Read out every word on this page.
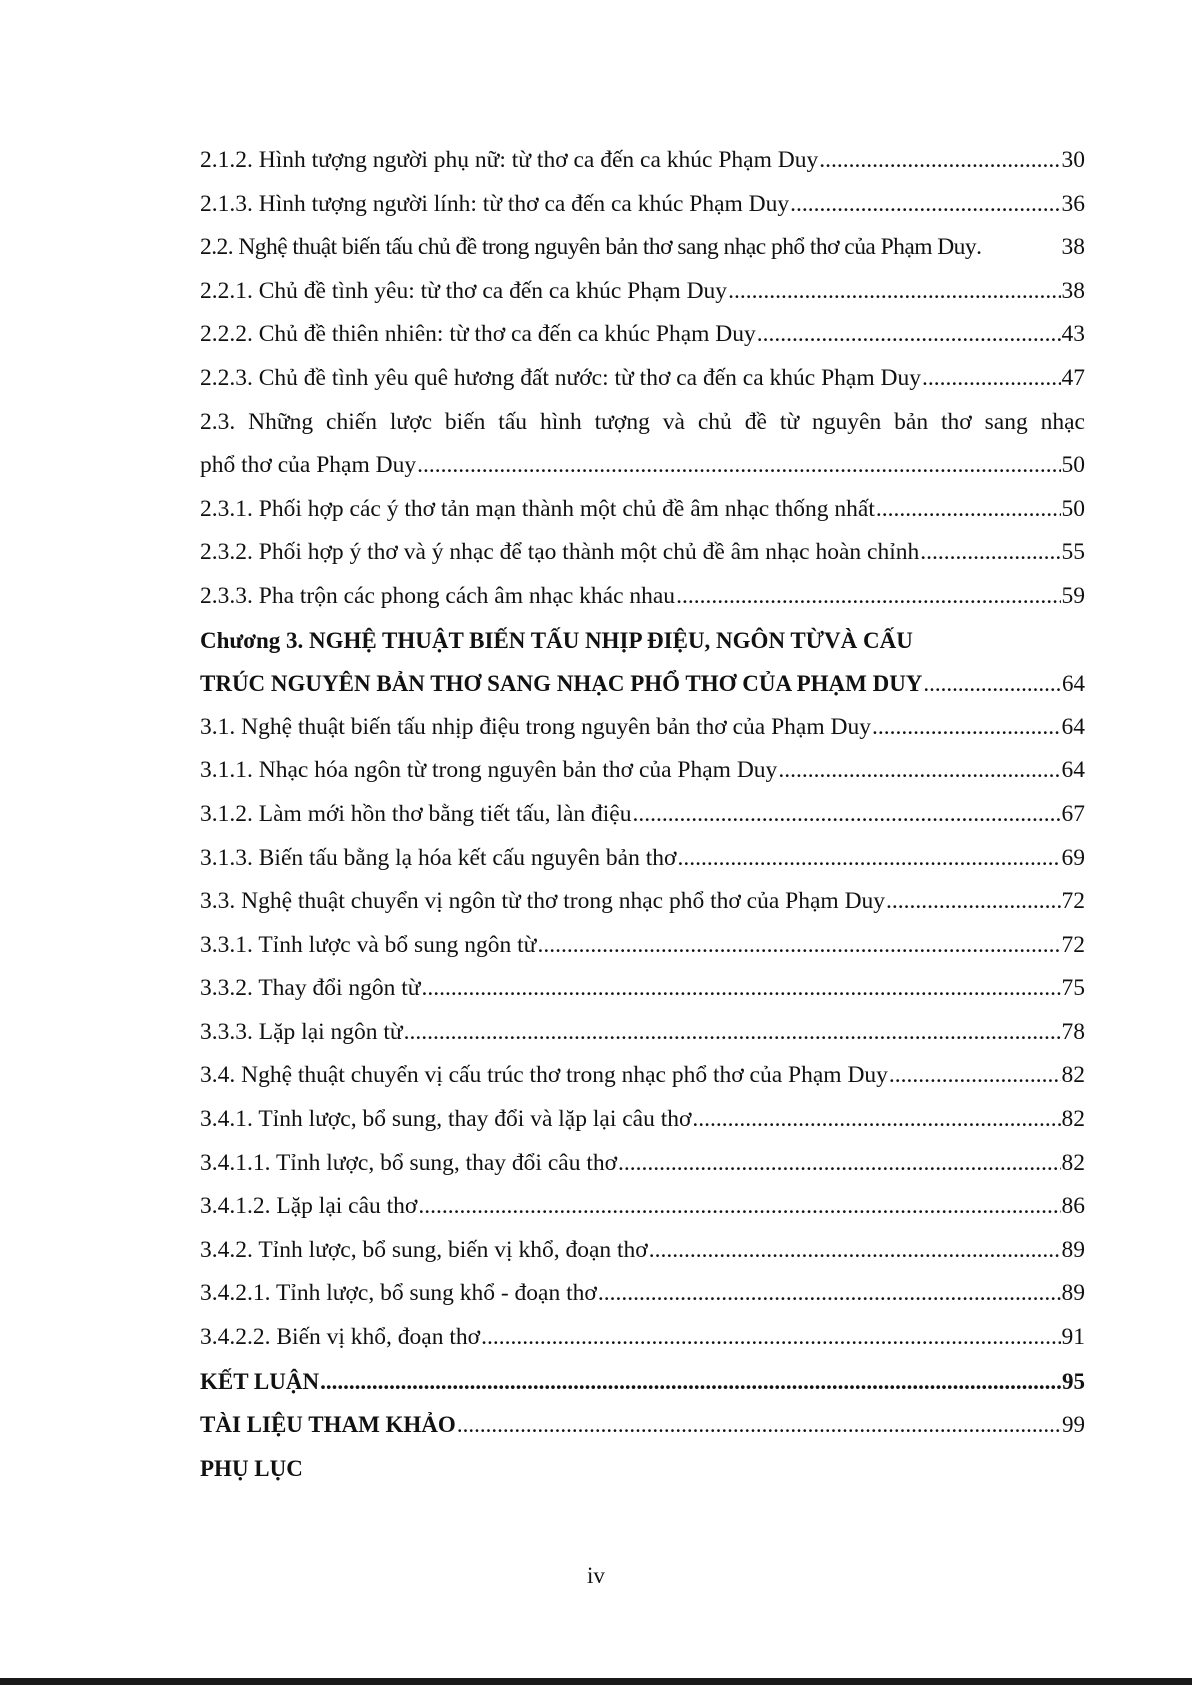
2.1.2. Hình tượng người phụ nữ: từ thơ ca đến ca khúc Phạm Duy .....	30
2.1.3. Hình tượng người lính: từ thơ ca đến ca khúc Phạm Duy .....	36
2.2. Nghệ thuật biến tấu chủ đề trong nguyên bản thơ sang nhạc phổ thơ của Phạm Duy .	38
2.2.1. Chủ đề tình yêu: từ thơ ca đến ca khúc Phạm Duy .....	38
2.2.2. Chủ đề thiên nhiên: từ thơ ca đến ca khúc Phạm Duy .....	43
2.2.3. Chủ đề tình yêu quê hương đất nước: từ thơ ca đến ca khúc Phạm Duy .....	47
2.3. Những chiến lược biến tấu hình tượng và chủ đề từ nguyên bản thơ sang nhạc
phổ thơ của Phạm Duy .....	50
2.3.1. Phối hợp các ý thơ tản mạn thành một chủ đề âm nhạc thống nhất .....	50
2.3.2. Phối hợp ý thơ và ý nhạc để tạo thành một chủ đề âm nhạc hoàn chỉnh .....	55
2.3.3. Pha trộn các phong cách âm nhạc khác nhau .....	59
Chương 3. NGHỆ THUẬT BIẾN TẤU NHỊP ĐIỆU, NGÔN TỪVÀ CẤU
TRÚC NGUYÊN BẢN THƠ SANG NHẠC PHỔ THƠ CỦA PHẠM DUY .....	64
3.1. Nghệ thuật biến tấu nhịp điệu trong nguyên bản thơ của Phạm Duy .....	64
3.1.1. Nhạc hóa ngôn từ trong nguyên bản thơ của Phạm Duy .....	64
3.1.2. Làm mới hồn thơ bằng tiết tấu, làn điệu .....	67
3.1.3. Biến tấu bằng lạ hóa kết cấu nguyên bản thơ .....	69
3.3. Nghệ thuật chuyển vị ngôn từ thơ trong nhạc phổ thơ của Phạm Duy .....	72
3.3.1. Tỉnh lược và bổ sung ngôn từ .....	72
3.3.2. Thay đổi ngôn từ .....	75
3.3.3. Lặp lại ngôn từ .....	78
3.4. Nghệ thuật chuyển vị cấu trúc thơ trong nhạc phổ thơ của Phạm Duy .....	82
3.4.1. Tỉnh lược, bổ sung, thay đổi và lặp lại câu thơ .....	82
3.4.1.1. Tỉnh lược, bổ sung, thay đổi câu thơ .....	82
3.4.1.2. Lặp lại câu thơ .....	86
3.4.2. Tỉnh lược, bổ sung, biến vị khổ, đoạn thơ .....	89
3.4.2.1. Tỉnh lược, bổ sung khổ - đoạn thơ .....	89
3.4.2.2. Biến vị khổ, đoạn thơ .....	91
KẾT LUẬN .....	95
TÀI LIỆU THAM KHẢO .....	99
PHỤ LỤC
iv
